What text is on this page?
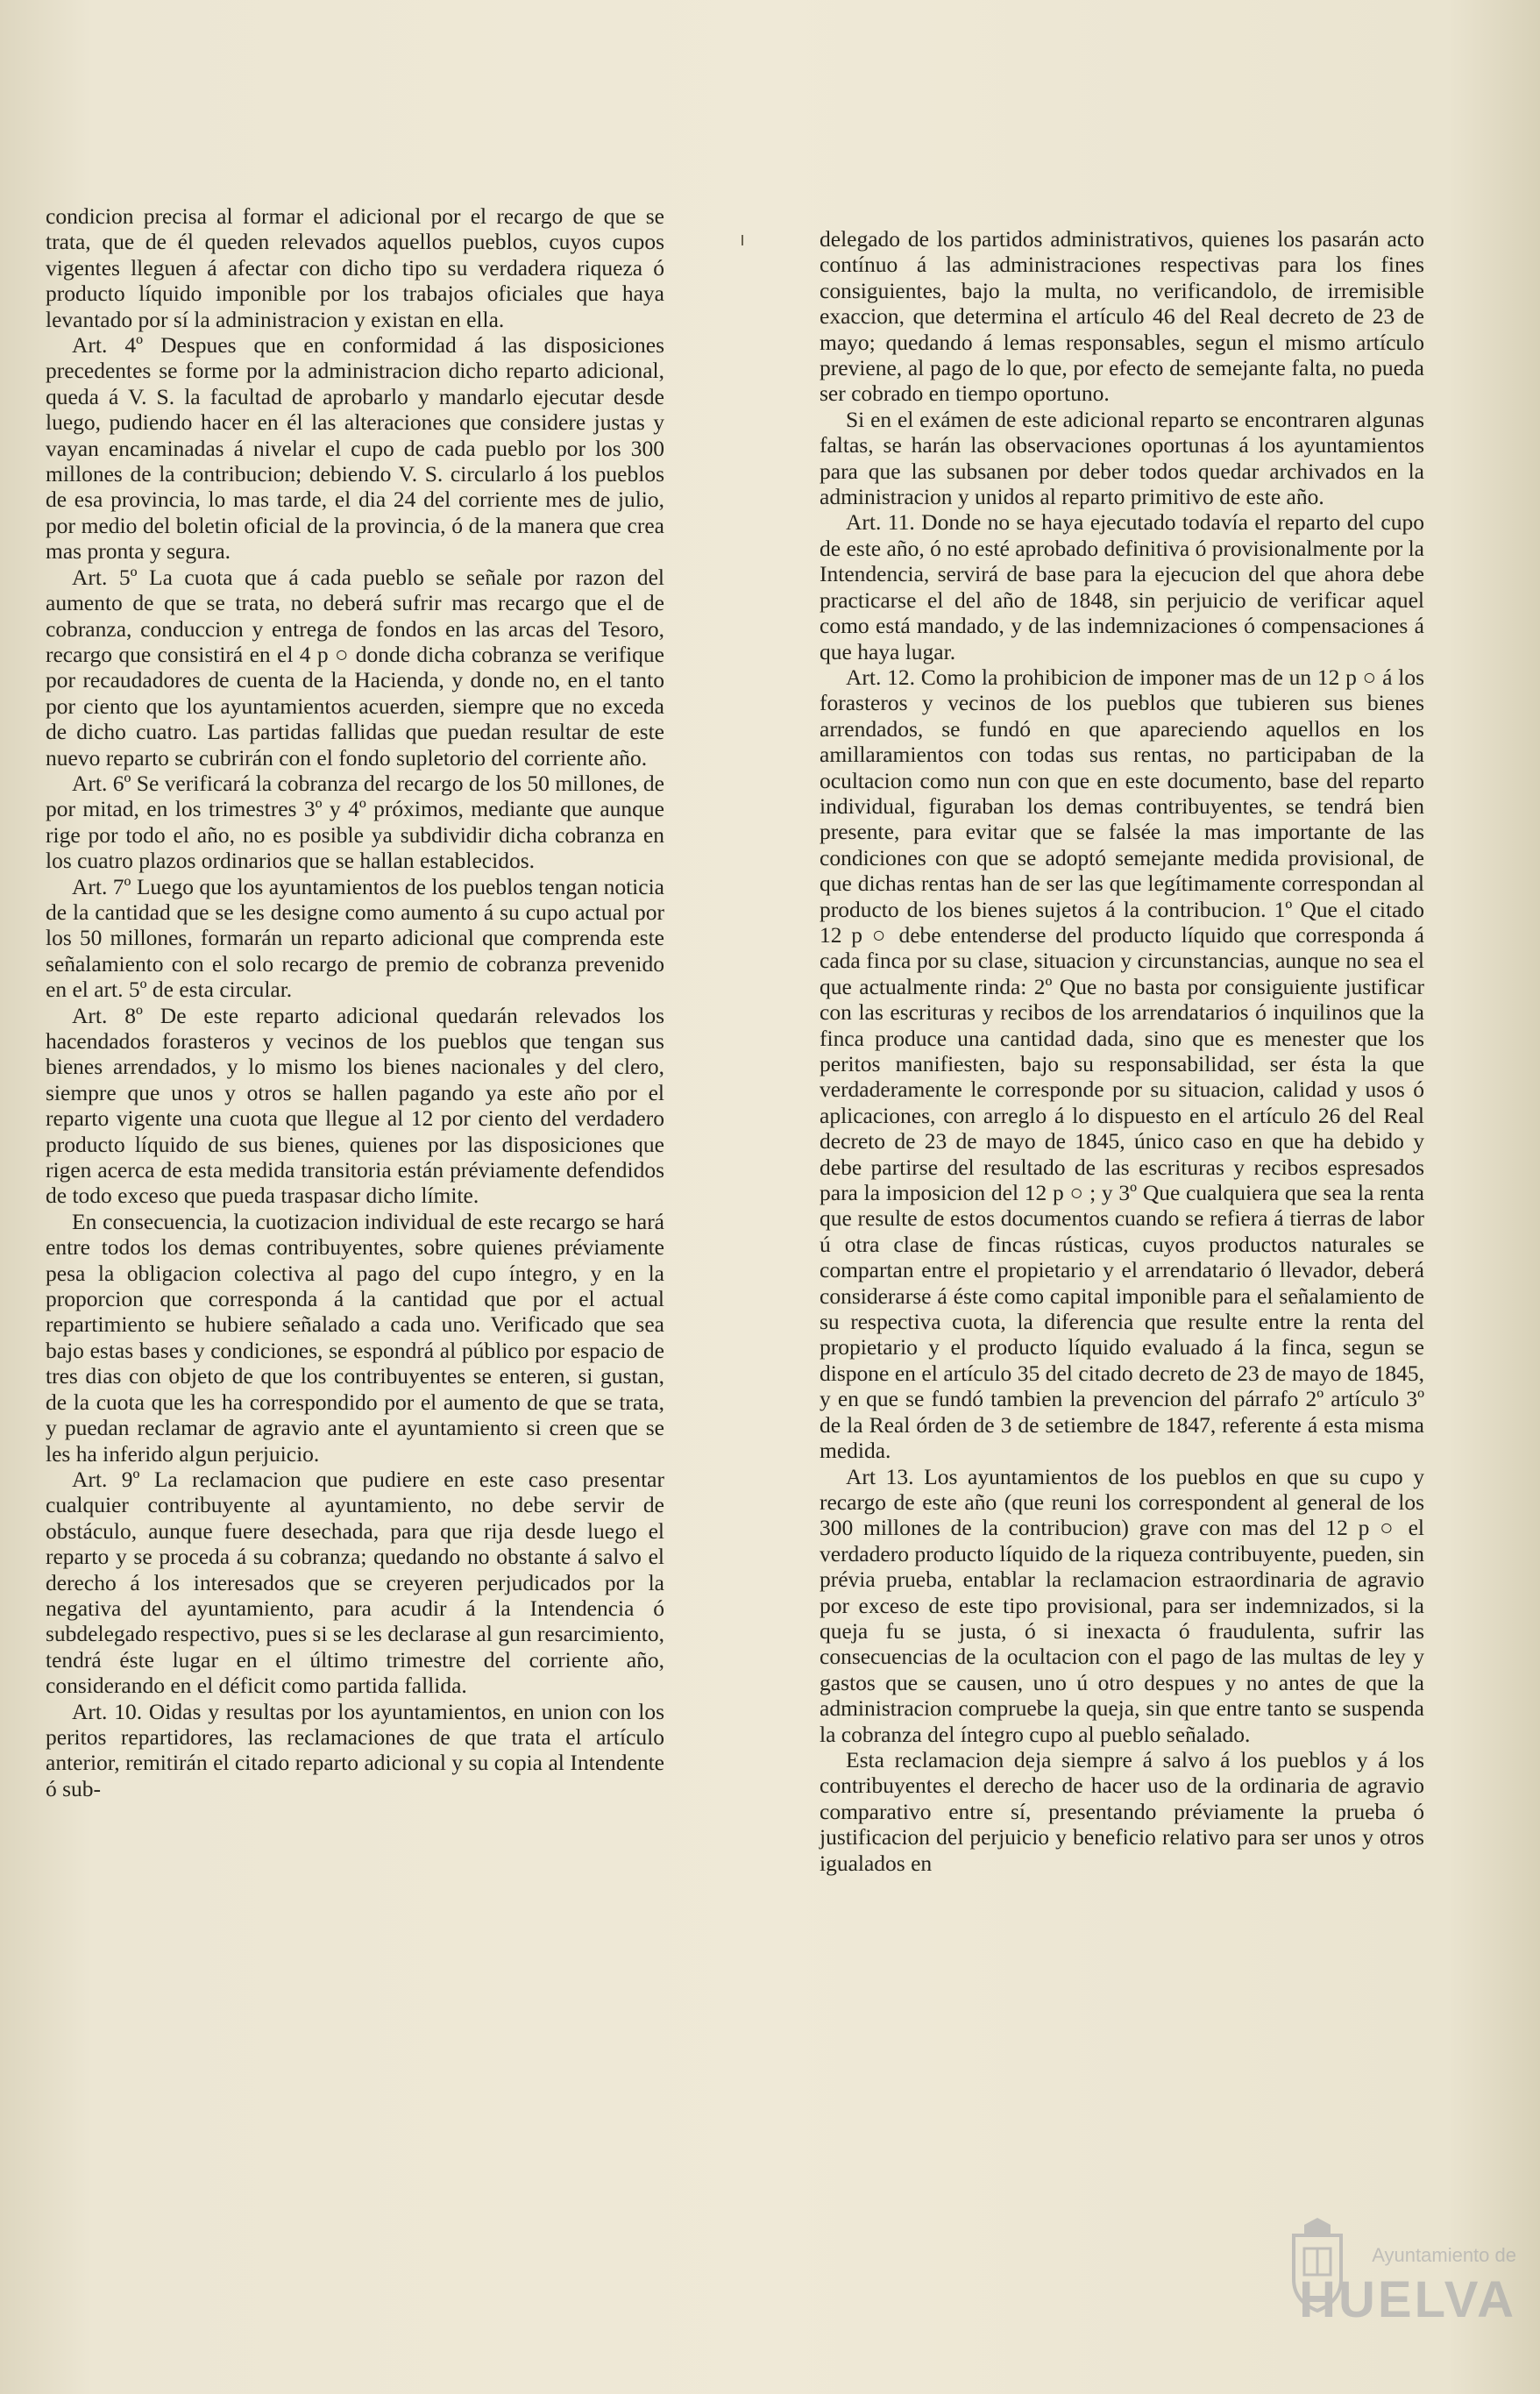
condicion precisa al formar el adicional por el recargo de que se trata, que de él queden relevados aquellos pueblos, cuyos cupos vigentes lleguen á afectar con dicho tipo su verdadera riqueza ó producto líquido imponible por los trabajos oficiales que haya levantado por sí la administracion y existan en ella.

Art. 4º Despues que en conformidad á las disposiciones precedentes se forme por la administracion dicho reparto adicional, queda á V. S. la facultad de aprobarlo y mandarlo ejecutar desde luego, pudiendo hacer en él las alteraciones que considere justas y vayan encaminadas á nivelar el cupo de cada pueblo por los 300 millones de la contribucion; debiendo V. S. circularlo á los pueblos de esa provincia, lo mas tarde, el dia 24 del corriente mes de julio, por medio del boletin oficial de la provincia, ó de la manera que crea mas pronta y segura.

Art. 5º La cuota que á cada pueblo se señale por razon del aumento de que se trata, no deberá sufrir mas recargo que el de cobranza, conduccion y entrega de fondos en las arcas del Tesoro, recargo que consistirá en el 4 p ○ donde dicha cobranza se verifique por recaudadores de cuenta de la Hacienda, y donde no, en el tanto por ciento que los ayuntamientos acuerden, siempre que no exceda de dicho cuatro. Las partidas fallidas que puedan resultar de este nuevo reparto se cubrirán con el fondo supletorio del corriente año.

Art. 6º Se verificará la cobranza del recargo de los 50 millones, de por mitad, en los trimestres 3º y 4º próximos, mediante que aunque rige por todo el año, no es posible ya subdividir dicha cobranza en los cuatro plazos ordinarios que se hallan establecidos.

Art. 7º Luego que los ayuntamientos de los pueblos tengan noticia de la cantidad que se les designe como aumento á su cupo actual por los 50 millones, formarán un reparto adicional que comprenda este señalamiento con el solo recargo de premio de cobranza prevenido en el art. 5º de esta circular.

Art. 8º De este reparto adicional quedarán relevados los hacendados forasteros y vecinos de los pueblos que tengan sus bienes arrendados, y lo mismo los bienes nacionales y del clero, siempre que unos y otros se hallen pagando ya este año por el reparto vigente una cuota que llegue al 12 por ciento del verdadero producto líquido de sus bienes, quienes por las disposiciones que rigen acerca de esta medida transitoria están préviamente defendidos de todo exceso que pueda traspasar dicho límite.

En consecuencia, la cuotizacion individual de este recargo se hará entre todos los demas contribuyentes, sobre quienes préviamente pesa la obligacion colectiva al pago del cupo íntegro, y en la proporcion que corresponda á la cantidad que por el actual repartimiento se hubiere señalado a cada uno. Verificado que sea bajo estas bases y condiciones, se espondrá al público por espacio de tres dias con objeto de que los contribuyentes se enteren, si gustan, de la cuota que les ha correspondido por el aumento de que se trata, y puedan reclamar de agravio ante el ayuntamiento si creen que se les ha inferido algun perjuicio.

Art. 9º La reclamacion que pudiere en este caso presentar cualquier contribuyente al ayuntamiento, no debe servir de obstáculo, aunque fuere desechada, para que rija desde luego el reparto y se proceda á su cobranza; quedando no obstante á salvo el derecho á los interesados que se creyeren perjudicados por la negativa del ayuntamiento, para acudir á la Intendencia ó subdelegado respectivo, pues si se les declarase al gun resarcimiento, tendrá éste lugar en el último trimestre del corriente año, considerando en el déficit como partida fallida.

Art. 10. Oidas y resultas por los ayuntamientos, en union con los peritos repartidores, las reclamaciones de que trata el artículo anterior, remitirán el citado reparto adicional y su copia al Intendente ó sub-

delegado de los partidos administrativos, quienes los pasarán acto contínuo á las administraciones respectivas para los fines consiguientes, bajo la multa, no verificandolo, de irremisible exaccion, que determina el artículo 46 del Real decreto de 23 de mayo; quedando á lemas responsables, segun el mismo artículo previene, al pago de lo que, por efecto de semejante falta, no pueda ser cobrado en tiempo oportuno.

Si en el exámen de este adicional reparto se encontraren algunas faltas, se harán las observaciones oportunas á los ayuntamientos para que las subsanen por deber todos quedar archivados en la administracion y unidos al reparto primitivo de este año.

Art. 11. Donde no se haya ejecutado todavía el reparto del cupo de este año, ó no esté aprobado definitiva ó provisionalmente por la Intendencia, servirá de base para la ejecucion del que ahora debe practicarse el del año de 1848, sin perjuicio de verificar aquel como está mandado, y de las indemnizaciones ó compensaciones á que haya lugar.

Art. 12. Como la prohibicion de imponer mas de un 12 p ○ á los forasteros y vecinos de los pueblos que tubieren sus bienes arrendados, se fundó en que apareciendo aquellos en los amillaramientos con todas sus rentas, no participaban de la ocultacion como nun con que en este documento, base del reparto individual, figuraban los demas contribuyentes, se tendrá bien presente, para evitar que se falsée la mas importante de las condiciones con que se adoptó semejante medida provisional, de que dichas rentas han de ser las que legítimamente correspondan al producto de los bienes sujetos á la contribucion. 1º Que el citado 12 p ○ debe entenderse del producto líquido que corresponda á cada finca por su clase, situacion y circunstancias, aunque no sea el que actualmente rinda: 2º Que no basta por consiguiente justificar con las escrituras y recibos de los arrendatarios ó inquilinos que la finca produce una cantidad dada, sino que es menester que los peritos manifiesten, bajo su responsabilidad, ser ésta la que verdaderamente le corresponde por su situacion, calidad y usos ó aplicaciones, con arreglo á lo dispuesto en el artículo 26 del Real decreto de 23 de mayo de 1845, único caso en que ha debido y debe partirse del resultado de las escrituras y recibos espresados para la imposicion del 12 p ○ ; y 3º Que cualquiera que sea la renta que resulte de estos documentos cuando se refiera á tierras de labor ú otra clase de fincas rústicas, cuyos productos naturales se compartan entre el propietario y el arrendatario ó llevador, deberá considerarse á éste como capital imponible para el señalamiento de su respectiva cuota, la diferencia que resulte entre la renta del propietario y el producto líquido evaluado á la finca, segun se dispone en el artículo 35 del citado decreto de 23 de mayo de 1845, y en que se fundó tambien la prevencion del párrafo 2º artículo 3º de la Real órden de 3 de setiembre de 1847, referente á esta misma medida.

Art 13. Los ayuntamientos de los pueblos en que su cupo y recargo de este año (que reuni los correspondent al general de los 300 millones de la contribucion) grave con mas del 12 p ○ el verdadero producto líquido de la riqueza contribuyente, pueden, sin prévia prueba, entablar la reclamacion estraordinaria de agravio por exceso de este tipo provisional, para ser indemnizados, si la queja fu se justa, ó si inexacta ó fraudulenta, sufrir las consecuencias de la ocultacion con el pago de las multas de ley y gastos que se causen, uno ú otro despues y no antes de que la administracion compruebe la queja, sin que entre tanto se suspenda la cobranza del íntegro cupo al pueblo señalado.

Esta reclamacion deja siempre á salvo á los pueblos y á los contribuyentes el derecho de hacer uso de la ordinaria de agravio comparativo entre sí, presentando préviamente la prueba ó justificacion del perjuicio y beneficio relativo para ser unos y otros igualados en

Ayuntamiento de
HUELVA
